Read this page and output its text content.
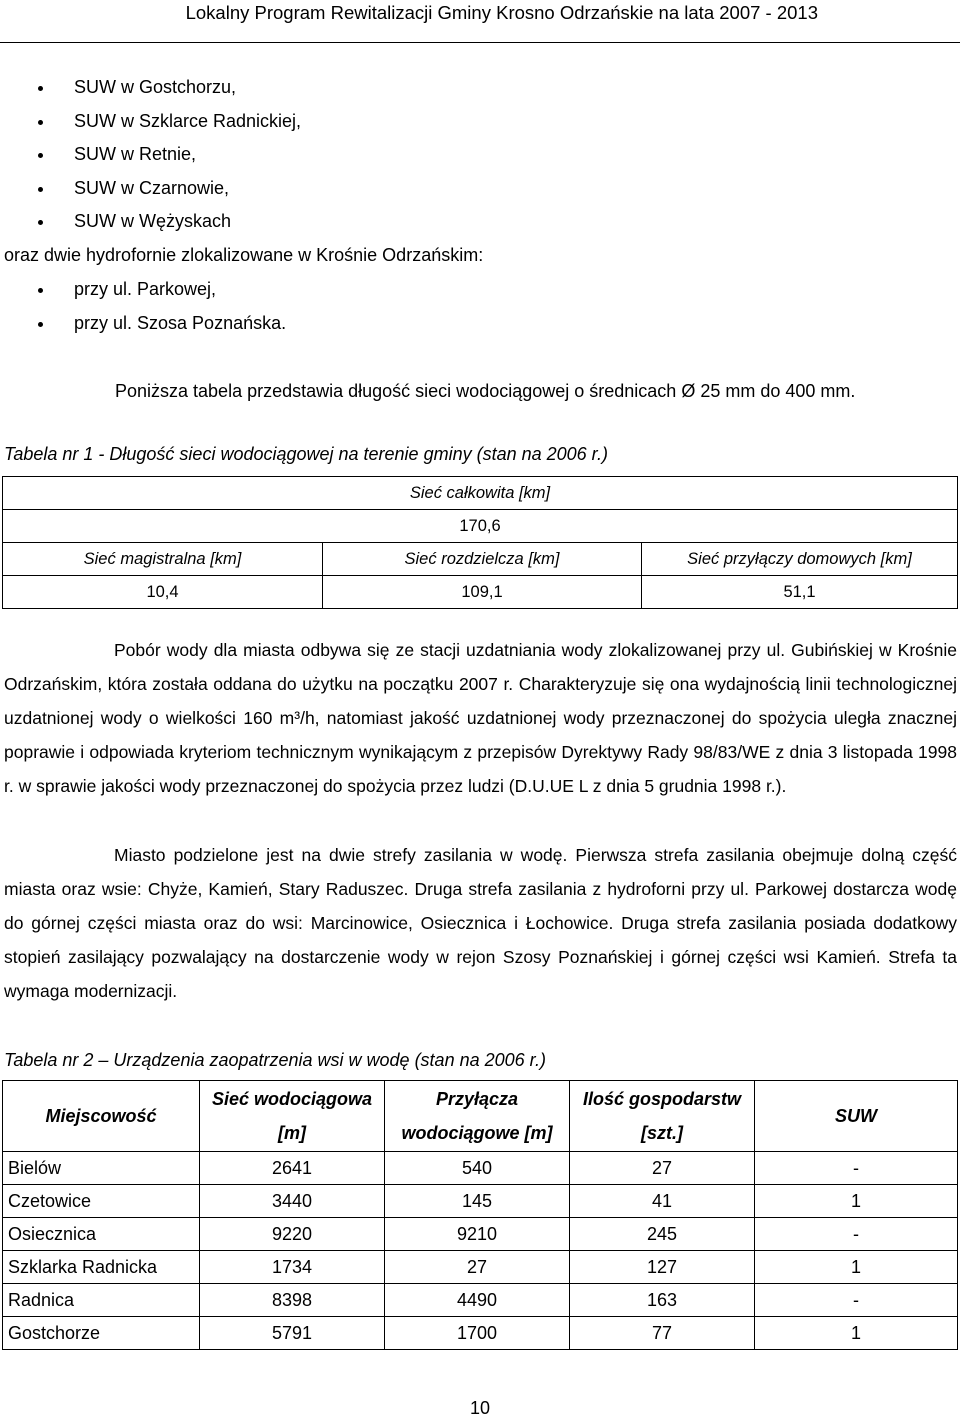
Lokalny Program Rewitalizacji Gminy Krosno Odrzańskie na lata 2007 - 2013
SUW w Gostchorzu,
SUW w Szklarce Radnickiej,
SUW w Retnie,
SUW w Czarnowie,
SUW w Wężyskach
oraz dwie hydrofornie zlokalizowane w Krośnie Odrzańskim:
przy ul. Parkowej,
przy ul. Szosa Poznańska.
Poniższa tabela przedstawia długość sieci wodociągowej o średnicach Ø 25 mm do 400 mm.
Tabela nr 1 - Długość sieci wodociągowej na terenie gminy (stan na 2006 r.)
Sieć całkowita [km]		
170,6		
Sieć magistralna [km]	Sieć rozdzielcza [km]	Sieć przyłączy domowych [km]
10,4	109,1	51,1

Pobór wody dla miasta odbywa się ze stacji uzdatniania wody zlokalizowanej przy ul. Gubińskiej w Krośnie Odrzańskim, która została oddana do użytku na początku 2007 r. Charakteryzuje się ona wydajnością linii technologicznej uzdatnionej wody o wielkości 160 m³/h, natomiast jakość uzdatnionej wody przeznaczonej do spożycia uległa znacznej poprawie i odpowiada kryteriom technicznym wynikającym z przepisów Dyrektywy Rady 98/83/WE z dnia 3 listopada 1998 r. w sprawie jakości wody przeznaczonej do spożycia przez ludzi (D.U.UE L z dnia 5 grudnia 1998 r.).

Miasto podzielone jest na dwie strefy zasilania w wodę. Pierwsza strefa zasilania obejmuje dolną część miasta oraz wsie: Chyże, Kamień, Stary Raduszec. Druga strefa zasilania z hydroforni przy ul. Parkowej dostarcza wodę do górnej części miasta oraz do wsi: Marcinowice, Osiecznica i Łochowice. Druga strefa zasilania posiada dodatkowy stopień zasilający pozwalający na dostarczenie wody w rejon Szosy Poznańskiej i górnej części wsi Kamień. Strefa ta wymaga modernizacji.

Tabela nr 2 – Urządzenia zaopatrzenia wsi w wodę (stan na 2006 r.)
Miejscowość	Sieć wodociągowa [m]	Przyłącza wodociągowe [m]	Ilość gospodarstw [szt.]	SUW
Bielów	2641	540	27	-
Czetowice	3440	145	41	1
Osiecznica	9220	9210	245	-
Szklarka Radnicka	1734	27	127	1
Radnica	8398	4490	163	-
Gostchorze	5791	1700	77	1
10
